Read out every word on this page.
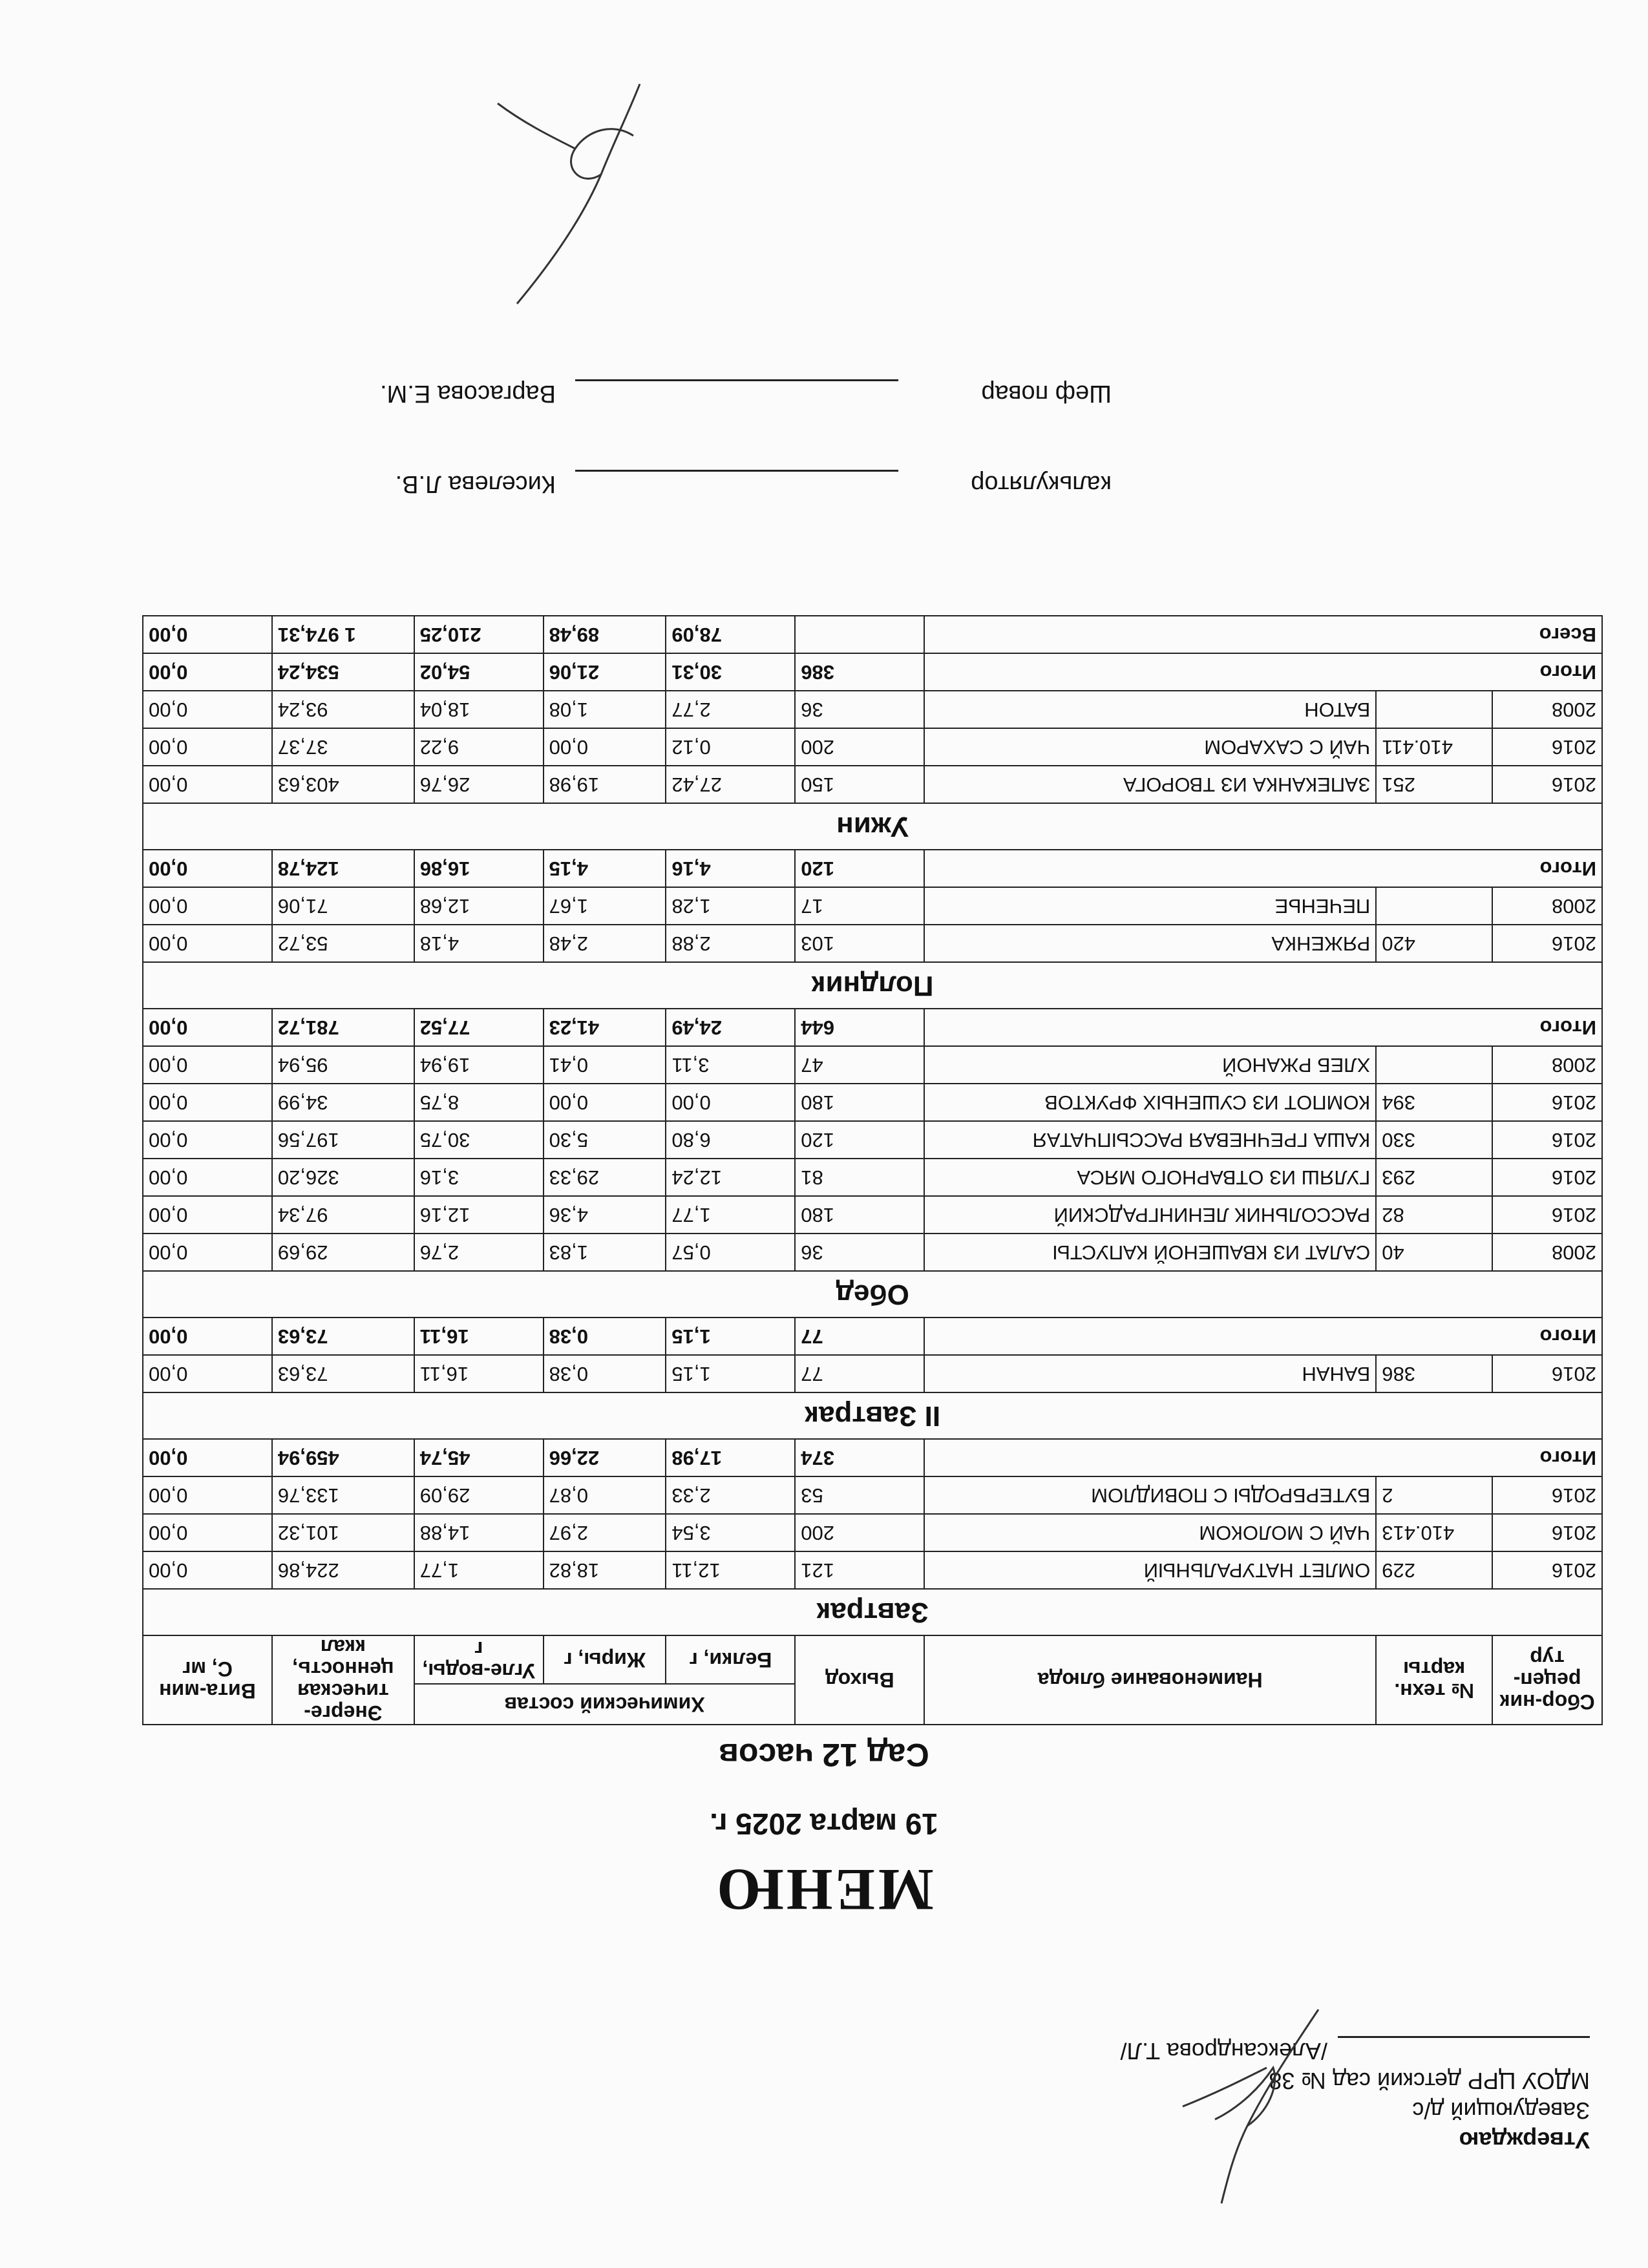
Утверждаю
Заведующий д/с
МДОУ ЦРР детский сад № 38
/Александрова Т.Л/
МЕНЮ
19 марта 2025 г.
Сад 12 часов
Сбор-ник рецеп-тур	№ техн. карты	Наименование блюда	Выход	Химический состав			Энерге-тическая ценность, ккал	Вита-мин С, мг
				Белки, г	Жиры, г	Угле-воды, г		
Завтрак								
2016	229	ОМЛЕТ НАТУРАЛЬНЫЙ	121	12,11	18,82	1,77	224,86	0,00
2016	410.413	ЧАЙ С МОЛОКОМ	200	3,54	2,97	14,88	101,32	0,00
2016	2	БУТЕРБРОДЫ С ПОВИДЛОМ	53	2,33	0,87	29,09	133,76	0,00
Итого			374	17,98	22,66	45,74	459,94	0,00
II Завтрак								
2016	386	БАНАН	77	1,15	0,38	16,11	73,63	0,00
Итого			77	1,15	0,38	16,11	73,63	0,00
Обед								
2008	40	САЛАТ ИЗ КВАШЕНОЙ КАПУСТЫ	36	0,57	1,83	2,76	29,69	0,00
2016	82	РАССОЛЬНИК ЛЕНИНГРАДСКИЙ	180	1,77	4,36	12,16	97,34	0,00
2016	293	ГУЛЯШ ИЗ ОТВАРНОГО МЯСА	81	12,24	29,33	3,16	326,20	0,00
2016	330	КАША ГРЕЧНЕВАЯ РАССЫПЧАТАЯ	120	6,80	5,30	30,75	197,56	0,00
2016	394	КОМПОТ ИЗ СУШЕНЫХ ФРУКТОВ	180	0,00	0,00	8,75	34,99	0,00
2008		ХЛЕБ РЖАНОЙ	47	3,11	0,41	19,94	95,94	0,00
Итого			644	24,49	41,23	77,52	781,72	0,00
Полдник								
2016	420	РЯЖЕНКА	103	2,88	2,48	4,18	53,72	0,00
2008		ПЕЧЕНЬЕ	17	1,28	1,67	12,68	71,06	0,00
Итого			120	4,16	4,15	16,86	124,78	0,00
Ужин								
2016	251	ЗАПЕКАНКА ИЗ ТВОРОГА	150	27,42	19,98	26,76	403,63	0,00
2016	410.411	ЧАЙ С САХАРОМ	200	0,12	0,00	9,22	37,37	0,00
2008		БАТОН	36	2,77	1,08	18,04	93,24	0,00
Итого			386	30,31	21,06	54,02	534,24	0,00
Всего				78,09	89,48	210,25	1 974,31	0,00
калькулятор
Киселева Л.В.
Шеф повар
Варгасова Е.М.
